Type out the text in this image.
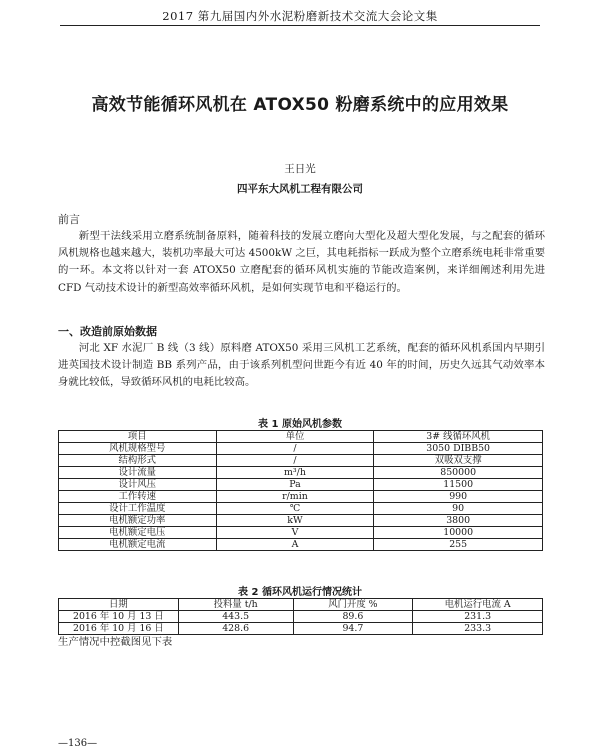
2017 第九届国内外水泥粉磨新技术交流大会论文集
高效节能循环风机在 ATOX50 粉磨系统中的应用效果
王日光
四平东大风机工程有限公司
前言

新型干法线采用立磨系统制备原料，随着科技的发展立磨向大型化及超大型化发展，与之配套的循环风机规格也越来越大，装机功率最大可达 4500kW 之巨，其电耗指标一跃成为整个立磨系统电耗非常重要的一环。本文将以针对一套 ATOX50 立磨配套的循环风机实施的节能改造案例，来详细阐述利用先进 CFD 气动技术设计的新型高效率循环风机，是如何实现节电和平稳运行的。

一、改造前原始数据

河北 XF 水泥厂 B 线（3 线）原料磨 ATOX50 采用三风机工艺系统，配套的循环风机系国内早期引进英国技术设计制造 BB 系列产品，由于该系列机型问世距今有近 40 年的时间，历史久远其气动效率本身就比较低，导致循环风机的电耗比较高。

表 1 原始风机参数
项目	单位	3# 线循环风机
风机规格型号	/	3050 DIBB50
结构形式	/	双吸双支撑
设计流量	m³/h	850000
设计风压	Pa	11500
工作转速	r/min	990
设计工作温度	℃	90
电机额定功率	kW	3800
电机额定电压	V	10000
电机额定电流	A	255
表 2 循环风机运行情况统计
日期	投料量 t/h	风门开度 %	电机运行电流 A
2016 年 10 月 13 日	443.5	89.6	231.3
2016 年 10 月 16 日	428.6	94.7	233.3
生产情况中控截图见下表
—136—
